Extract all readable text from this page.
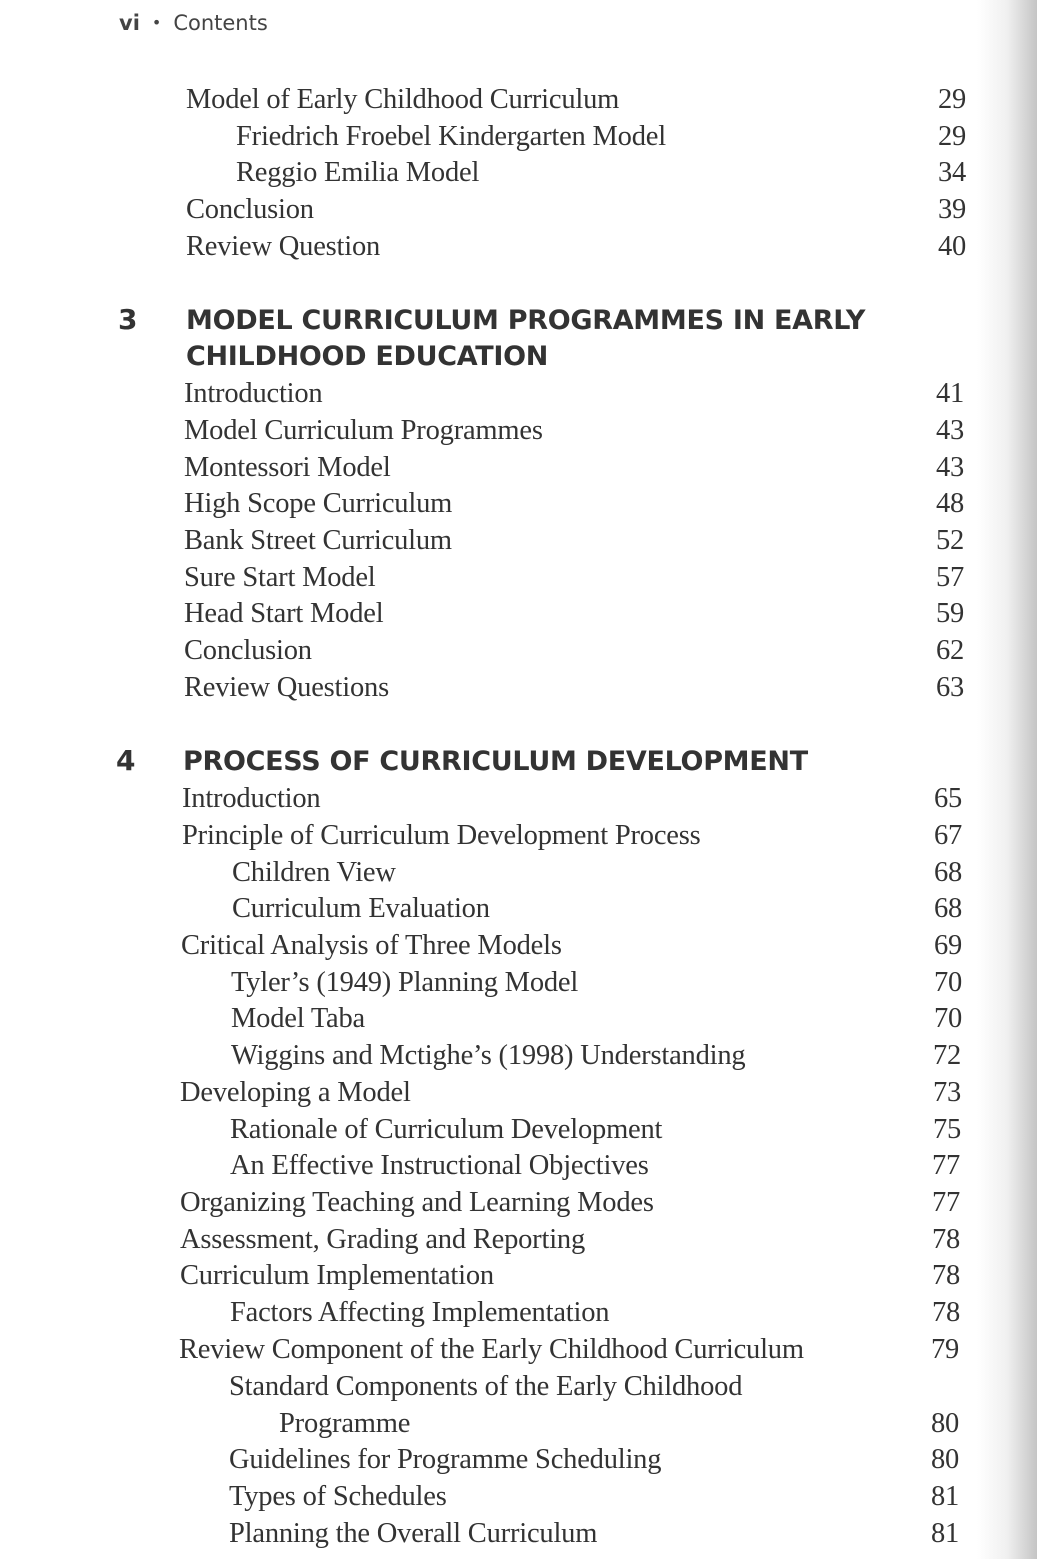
vi • Contents
Model of Early Childhood Curriculum	29
Friedrich Froebel Kindergarten Model	29
Reggio Emilia Model	34
Conclusion	39
Review Question	40
3 MODEL CURRICULUM PROGRAMMES IN EARLY
CHILDHOOD EDUCATION
Introduction	41
Model Curriculum Programmes	43
Montessori Model	43
High Scope Curriculum	48
Bank Street Curriculum	52
Sure Start Model	57
Head Start Model	59
Conclusion	62
Review Questions	63
4 PROCESS OF CURRICULUM DEVELOPMENT
Introduction	65
Principle of Curriculum Development Process	67
Children View	68
Curriculum Evaluation	68
Critical Analysis of Three Models	69
Tyler’s (1949) Planning Model	70
Model Taba	70
Wiggins and Mctighe’s (1998) Understanding	72
Developing a Model	73
Rationale of Curriculum Development	75
An Effective Instructional Objectives	77
Organizing Teaching and Learning Modes	77
Assessment, Grading and Reporting	78
Curriculum Implementation	78
Factors Affecting Implementation	78
Review Component of the Early Childhood Curriculum	79
Standard Components of the Early Childhood
Programme	80
Guidelines for Programme Scheduling	80
Types of Schedules	81
Planning the Overall Curriculum	81
